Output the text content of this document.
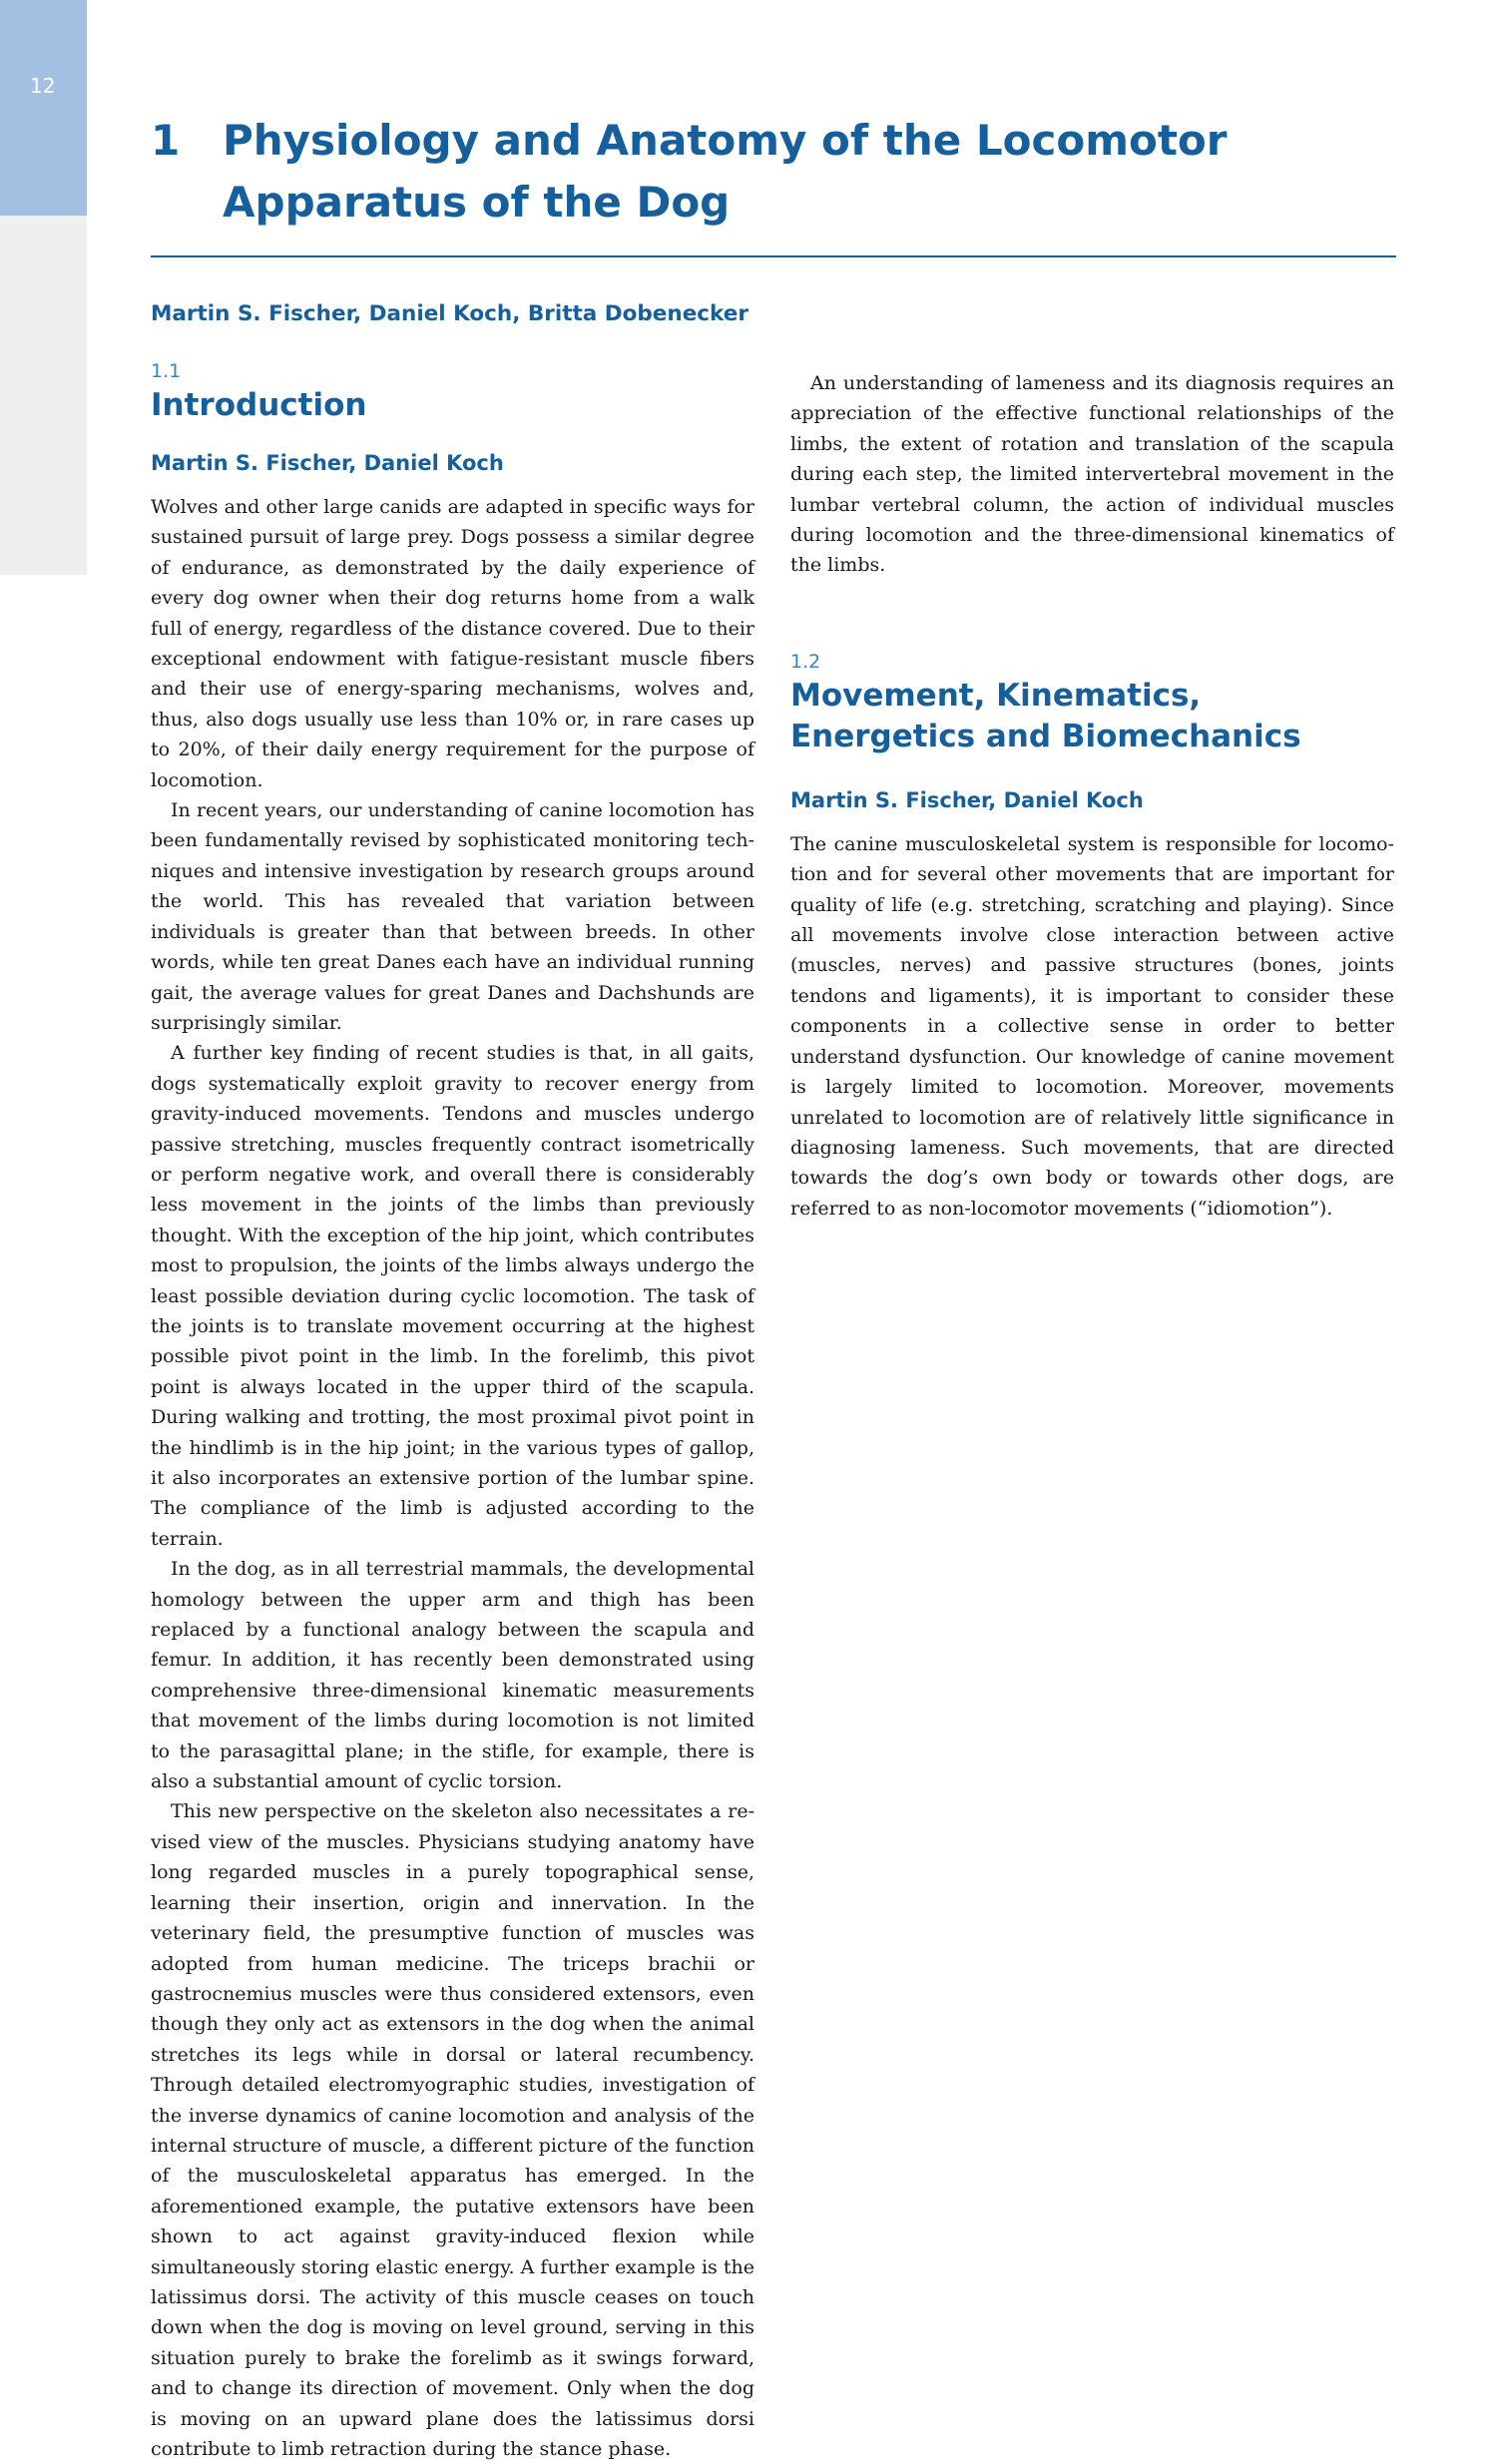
12
1 Physiology and Anatomy of the Locomotor Apparatus of the Dog

Martin S. Fischer, Daniel Koch, Britta Dobenecker

1.1
Introduction

Martin S. Fischer, Daniel Koch

Wolves and other large canids are adapted in specific ways for sustained pursuit of large prey. Dogs possess a similar degree of endurance, as demonstrated by the daily experience of every dog owner when their dog returns home from a walk full of energy, regardless of the distance covered. Due to their exceptional endowment with fatigue-resistant muscle fibers and their use of energy-sparing mechanisms, wolves and, thus, also dogs usually use less than 10% or, in rare cases up to 20%, of their daily energy requirement for the purpose of locomotion.

In recent years, our understanding of canine locomotion has been fundamentally revised by sophisticated monitoring techniques and intensive investigation by research groups around the world. This has revealed that variation between individuals is greater than that between breeds. In other words, while ten great Danes each have an individual running gait, the average values for great Danes and Dachshunds are surprisingly similar.

A further key finding of recent studies is that, in all gaits, dogs systematically exploit gravity to recover energy from gravity-induced movements. Tendons and muscles undergo passive stretching, muscles frequently contract isometrically or perform negative work, and overall there is considerably less movement in the joints of the limbs than previously thought. With the exception of the hip joint, which contributes most to propulsion, the joints of the limbs always undergo the least possible deviation during cyclic locomotion. The task of the joints is to translate movement occurring at the highest possible pivot point in the limb. In the forelimb, this pivot point is always located in the upper third of the scapula. During walking and trotting, the most proximal pivot point in the hindlimb is in the hip joint; in the various types of gallop, it also incorporates an extensive portion of the lumbar spine. The compliance of the limb is adjusted according to the terrain.

In the dog, as in all terrestrial mammals, the developmental homology between the upper arm and thigh has been replaced by a functional analogy between the scapula and femur. In addition, it has recently been demonstrated using comprehensive three-dimensional kinematic measurements that movement of the limbs during locomotion is not limited to the parasagittal plane; in the stifle, for example, there is also a substantial amount of cyclic torsion.

This new perspective on the skeleton also necessitates a revised view of the muscles. Physicians studying anatomy have long regarded muscles in a purely topographical sense, learning their insertion, origin and innervation. In the veterinary field, the presumptive function of muscles was adopted from human medicine. The triceps brachii or gastrocnemius muscles were thus considered extensors, even though they only act as extensors in the dog when the animal stretches its legs while in dorsal or lateral recumbency. Through detailed electromyographic studies, investigation of the inverse dynamics of canine locomotion and analysis of the internal structure of muscle, a different picture of the function of the musculoskeletal apparatus has emerged. In the aforementioned example, the putative extensors have been shown to act against gravity-induced flexion while simultaneously storing elastic energy. A further example is the latissimus dorsi. The activity of this muscle ceases on touch down when the dog is moving on level ground, serving in this situation purely to brake the forelimb as it swings forward, and to change its direction of movement. Only when the dog is moving on an upward plane does the latissimus dorsi contribute to limb retraction during the stance phase.

An understanding of lameness and its diagnosis requires an appreciation of the effective functional relationships of the limbs, the extent of rotation and translation of the scapula during each step, the limited intervertebral movement in the lumbar vertebral column, the action of individual muscles during locomotion and the three-dimensional kinematics of the limbs.

1.2
Movement, Kinematics, Energetics and Biomechanics

Martin S. Fischer, Daniel Koch

The canine musculoskeletal system is responsible for locomotion and for several other movements that are important for quality of life (e.g. stretching, scratching and playing). Since all movements involve close interaction between active (muscles, nerves) and passive structures (bones, joints tendons and ligaments), it is important to consider these components in a collective sense in order to better understand dysfunction. Our knowledge of canine movement is largely limited to locomotion. Moreover, movements unrelated to locomotion are of relatively little significance in diagnosing lameness. Such movements, that are directed towards the dog’s own body or towards other dogs, are referred to as non-locomotor movements (“idiomotion”).
